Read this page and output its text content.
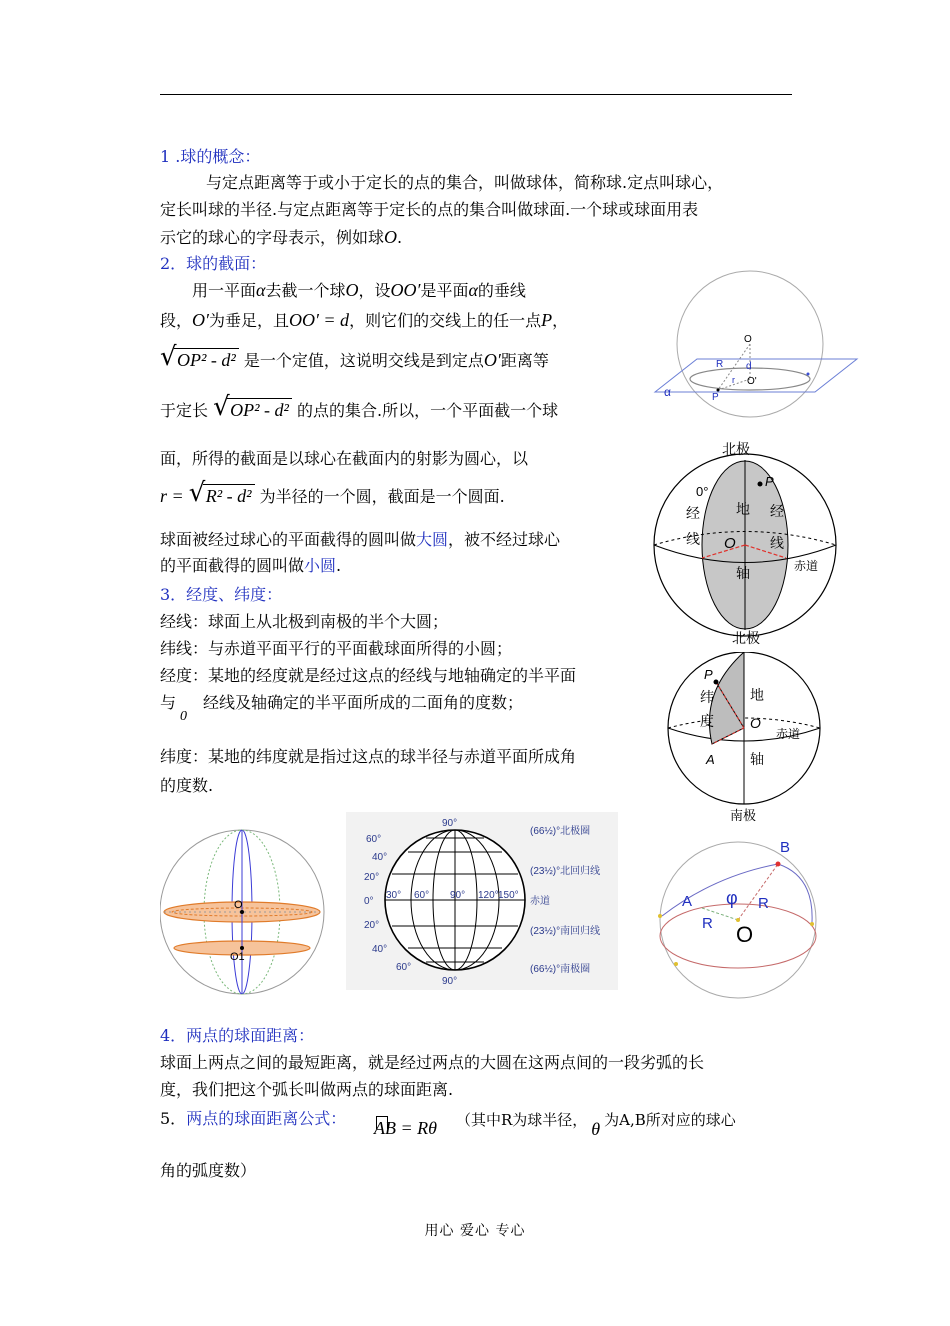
1 .球的概念：
与定点距离等于或小于定长的点的集合，叫做球体，简称球.定点叫球心，
定长叫球的半径.与定点距离等于定长的点的集合叫做球面.一个球或球面用表
示它的球心的字母表示，例如球O.
2．球的截面：
用一平面α去截一个球O，设OO′是平面α的垂线
段，O′为垂足，且OO′ = d，则它们的交线上的任一点P，
√ OP² - d² 是一个定值，这说明交线是到定点O′距离等
于定长 √ OP² - d² 的点的集合.所以，一个平面截一个球
面，所得的截面是以球心在截面内的射影为圆心，以
r = √ R² - d² 为半径的一个圆，截面是一个圆面.
球面被经过球心的平面截得的圆叫做大圆，被不经过球心
的平面截得的圆叫做小圆.
3．经度、纬度：
经线：球面上从北极到南极的半个大圆；
纬线：与赤道平面平行的平面截球面所得的小圆；
经度：某地的经度就是经过这点的经线与地轴确定的半平面
与0经线及轴确定的半平面所成的二面角的度数；
纬度：某地的纬度就是指过这点的球半径与赤道平面所成角
的度数.
4．两点的球面距离：
球面上两点之间的最短距离，就是经过两点的大圆在这两点间的一段劣弧的长
度，我们把这个弧长叫做两点的球面距离.
5．两点的球面距离公式： AB = Rθ （其中R为球半径， θ 为A,B所对应的球心
角的弧度数）
O
R d
r O'
α	P
北极
北极
0°
经
线
经
线
地
轴
O
P
赤道
P
纬
度
地
轴
O
A
赤道
南极
O
O1
90°
60°
40°
20°
0°
20°
40°
60°
90°
30° 60° 90° 120° 150°
(66½)°北极圈
(23½)°北回归线
赤道
(23½)°南回归线
(66½)°南极圈
B
A φ
R
R
O
用心 爱心 专心
